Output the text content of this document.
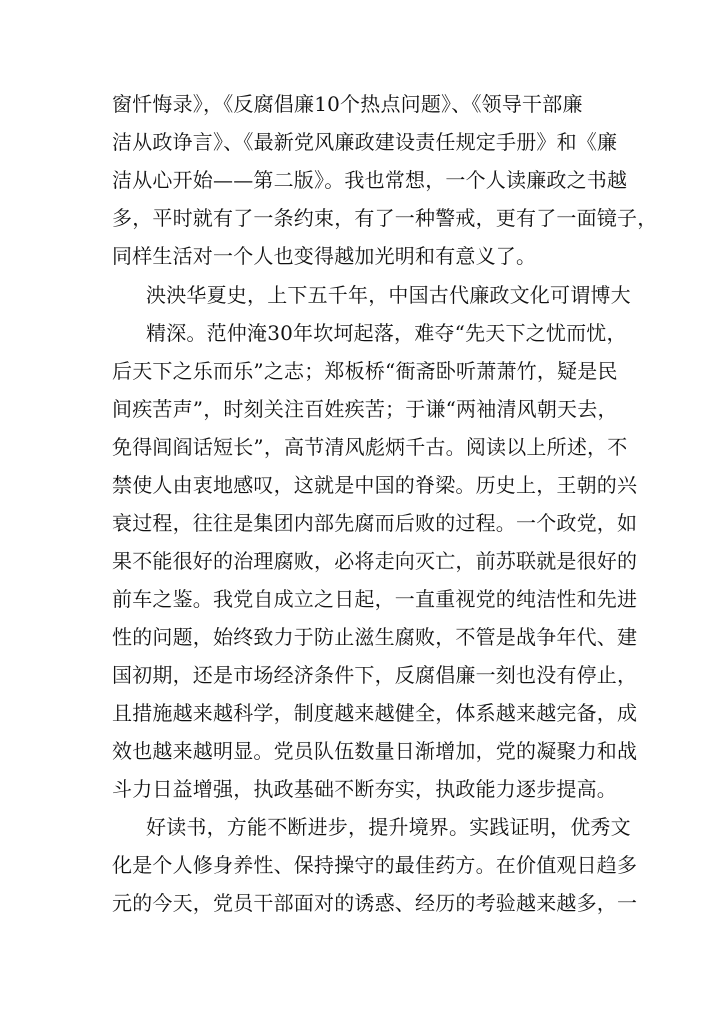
窗忏悔录》，《反腐倡廉10个热点问题》、《领导干部廉
洁从政诤言》、《最新党风廉政建设责任规定手册》和《廉
洁从心开始——第二版》。我也常想，一个人读廉政之书越
多，平时就有了一条约束，有了一种警戒，更有了一面镜子，
同样生活对一个人也变得越加光明和有意义了。
泱泱华夏史，上下五千年，中国古代廉政文化可谓博大
精深。范仲淹30年坎坷起落，难夺“先天下之忧而忧，
后天下之乐而乐”之志；郑板桥“衙斋卧听萧萧竹，疑是民
间疾苦声”，时刻关注百姓疾苦；于谦“两袖清风朝天去，
免得闾阎话短长”，高节清风彪炳千古。阅读以上所述，不
禁使人由衷地感叹，这就是中国的脊梁。历史上，王朝的兴
衰过程，往往是集团内部先腐而后败的过程。一个政党，如
果不能很好的治理腐败，必将走向灭亡，前苏联就是很好的
前车之鉴。我党自成立之日起，一直重视党的纯洁性和先进
性的问题，始终致力于防止滋生腐败，不管是战争年代、建
国初期，还是市场经济条件下，反腐倡廉一刻也没有停止，
且措施越来越科学，制度越来越健全，体系越来越完备，成
效也越来越明显。党员队伍数量日渐增加，党的凝聚力和战
斗力日益增强，执政基础不断夯实，执政能力逐步提高。
好读书，方能不断进步，提升境界。实践证明，优秀文
化是个人修身养性、保持操守的最佳药方。在价值观日趋多
元的今天，党员干部面对的诱惑、经历的考验越来越多，一
